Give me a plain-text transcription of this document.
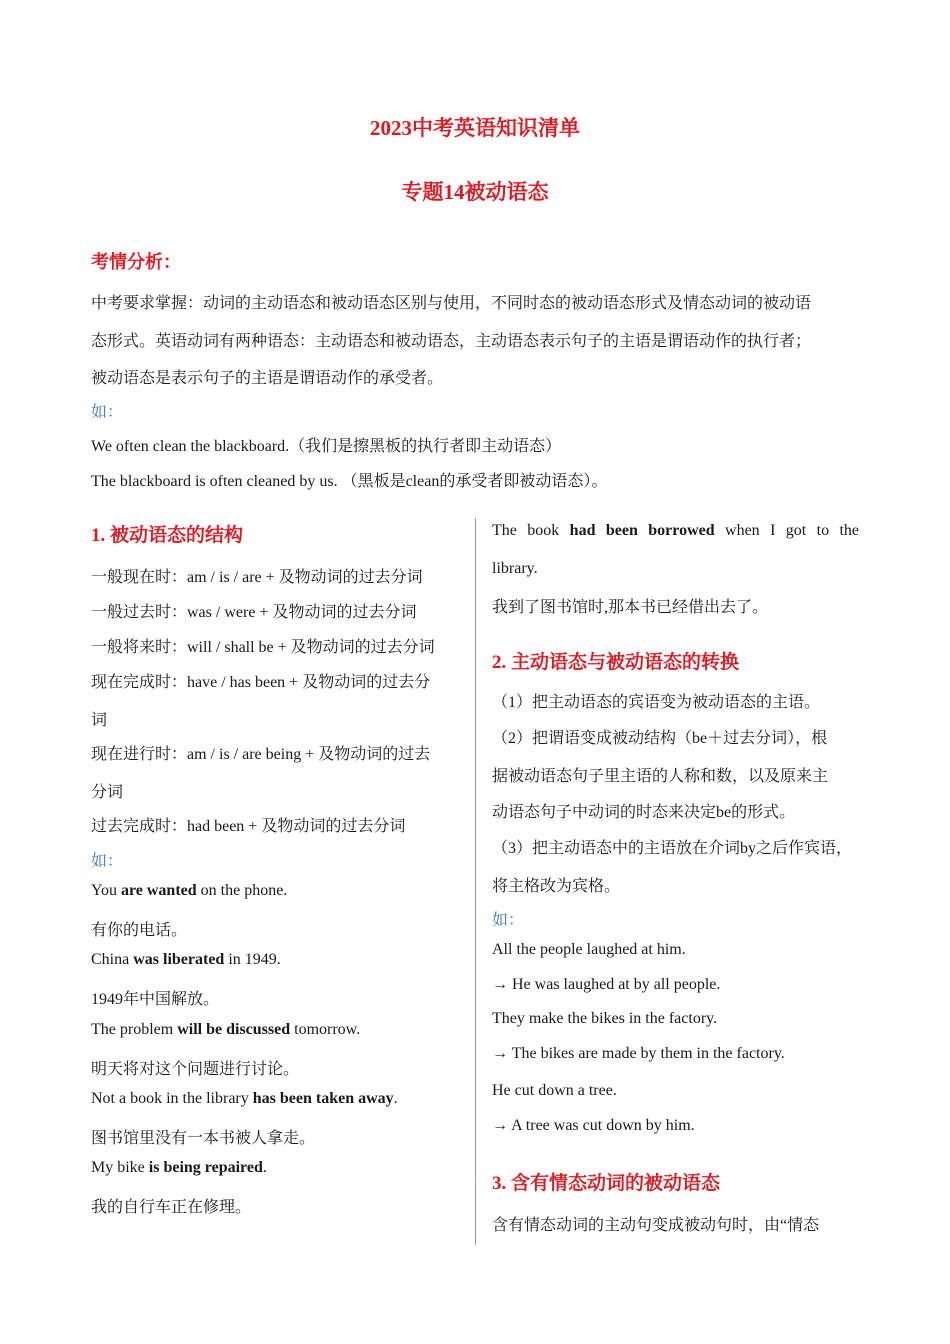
2023中考英语知识清单
专题14被动语态
考情分析：
中考要求掌握：动词的主动语态和被动语态区别与使用，不同时态的被动语态形式及情态动词的被动语
态形式。英语动词有两种语态：主动语态和被动语态，主动语态表示句子的主语是谓语动作的执行者；
被动语态是表示句子的主语是谓语动作的承受者。
如：
We often clean the blackboard.（我们是擦黑板的执行者即主动语态）
The blackboard is often cleaned by us. （黑板是clean的承受者即被动语态）。
1. 被动语态的结构
一般现在时：am / is / are + 及物动词的过去分词
一般过去时：was / were + 及物动词的过去分词
一般将来时：will / shall be + 及物动词的过去分词
现在完成时：have / has been + 及物动词的过去分
词
现在进行时：am / is / are being + 及物动词的过去
分词
过去完成时：had been + 及物动词的过去分词
如：
You are wanted on the phone.
有你的电话。
China was liberated in 1949.
1949年中国解放。
The problem will be discussed tomorrow.
明天将对这个问题进行讨论。
Not a book in the library has been taken away.
图书馆里没有一本书被人拿走。
My bike is being repaired.
我的自行车正在修理。
The book had been borrowed when I got to the
library.
我到了图书馆时,那本书已经借出去了。
2. 主动语态与被动语态的转换
（1）把主动语态的宾语变为被动语态的主语。
（2）把谓语变成被动结构（be＋过去分词），根
据被动语态句子里主语的人称和数，以及原来主
动语态句子中动词的时态来决定be的形式。
（3）把主动语态中的主语放在介词by之后作宾语，
将主格改为宾格。
如：
All the people laughed at him.
→ He was laughed at by all people.
They make the bikes in the factory.
→ The bikes are made by them in the factory.
He cut down a tree.
→ A tree was cut down by him.
3. 含有情态动词的被动语态
含有情态动词的主动句变成被动句时，由“情态
